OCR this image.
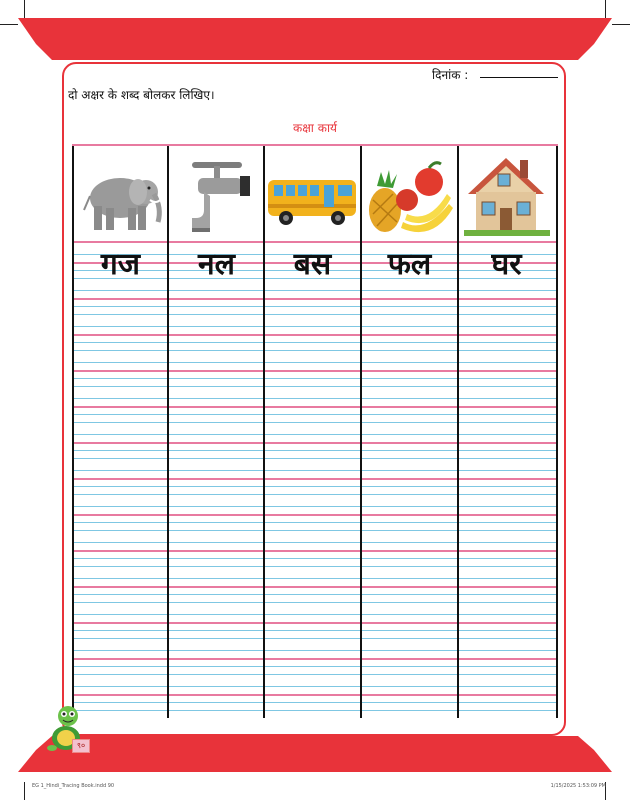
दिनांक :
दो अक्षर के शब्द बोलकर लिखिए।
कक्षा कार्य
गज	नल	बस	फल	घर
९०
EG 1_Hindi_Tracing Book.indd 90	1/15/2025 1:53:09 PM
